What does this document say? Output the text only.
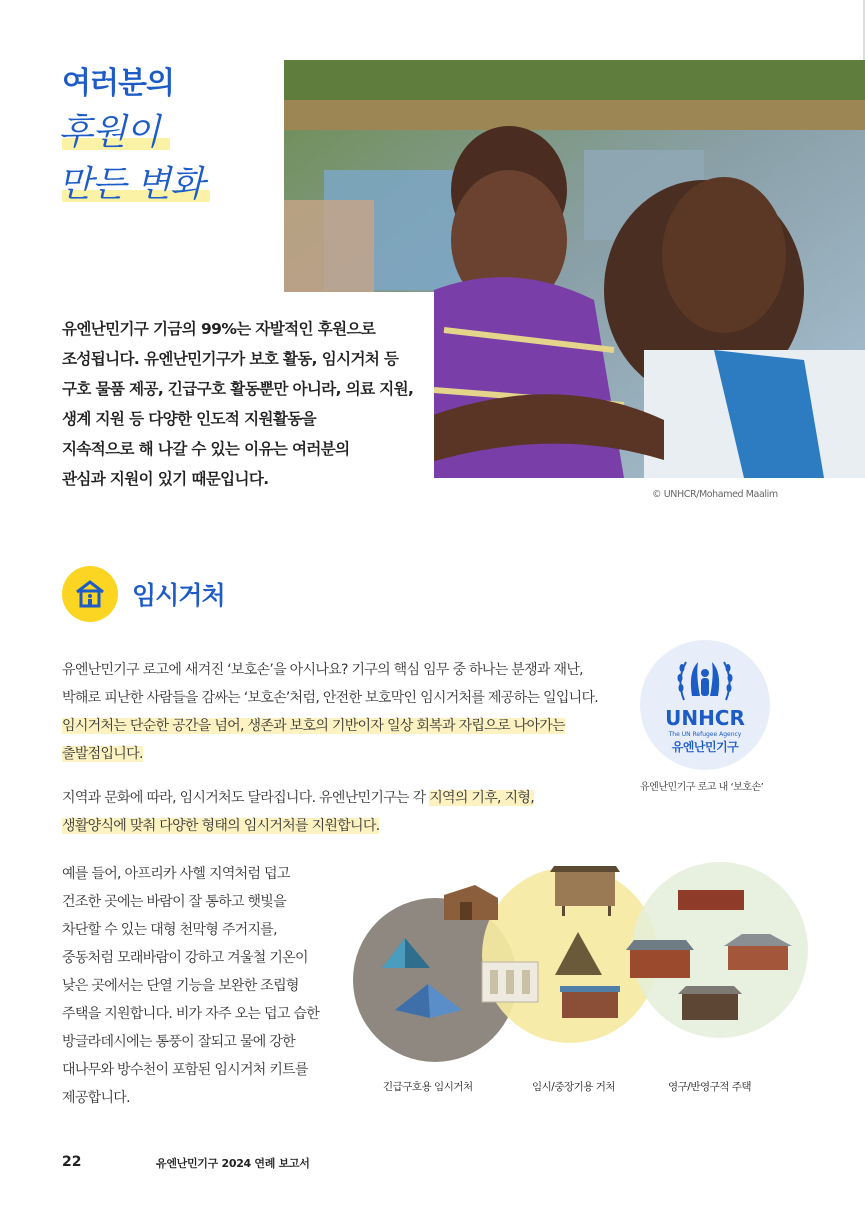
여러분의
후원이
만든 변화
유엔난민기구 기금의 99%는 자발적인 후원으로
조성됩니다. 유엔난민기구가 보호 활동, 임시거처 등
구호 물품 제공, 긴급구호 활동뿐만 아니라, 의료 지원,
생계 지원 등 다양한 인도적 지원활동을
지속적으로 해 나갈 수 있는 이유는 여러분의
관심과 지원이 있기 때문입니다.
© UNHCR/Mohamed Maalim
임시거처
유엔난민기구 로고에 새겨진 ‘보호손’을 아시나요? 기구의 핵심 임무 중 하나는 분쟁과 재난,
박해로 피난한 사람들을 감싸는 ‘보호손’처럼, 안전한 보호막인 임시거처를 제공하는 일입니다.
임시거처는 단순한 공간을 넘어, 생존과 보호의 기반이자 일상 회복과 자립으로 나아가는
출발점입니다.
지역과 문화에 따라, 임시거처도 달라집니다. 유엔난민기구는 각 지역의 기후, 지형,
생활양식에 맞춰 다양한 형태의 임시거처를 지원합니다.
예를 들어, 아프리카 사헬 지역처럼 덥고
건조한 곳에는 바람이 잘 통하고 햇빛을
차단할 수 있는 대형 천막형 주거지를,
중동처럼 모래바람이 강하고 겨울철 기온이
낮은 곳에서는 단열 기능을 보완한 조립형
주택을 지원합니다. 비가 자주 오는 덥고 습한
방글라데시에는 통풍이 잘되고 물에 강한
대나무와 방수천이 포함된 임시거처 키트를
제공합니다.
UNHCR
The UN Refugee Agency
유엔난민기구
유엔난민기구 로고 내 ‘보호손’
긴급구호용 임시거처	임시/중장기용 거처	영구/반영구적 주택
22	유엔난민기구 2024 연례 보고서
